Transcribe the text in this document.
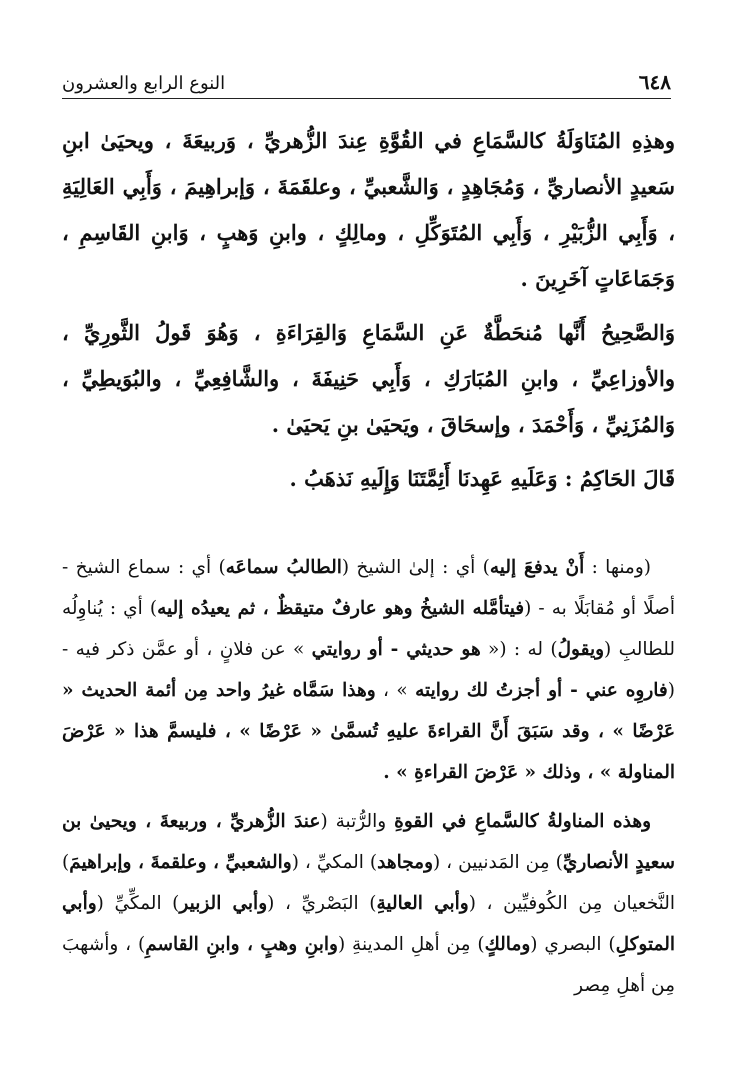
٦٤٨
النوع الرابع والعشرون

وهذِهِ المُنَاوَلَةُ كالسَّمَاعِ في القُوَّةِ عِندَ الزُّهريِّ ، وَربيعَةَ ، ويحيَىٰ ابنِ سَعيدٍ الأنصاريِّ ، وَمُجَاهِدٍ ، وَالشَّعبيِّ ، وعلقَمَةَ ، وَإبراهِيمَ ، وَأَبِي العَالِيَةِ ، وَأَبِي الزُّبَيْرِ ، وَأَبِي المُتَوَكِّلِ ، ومالِكٍ ، وابنِ وَهبٍ ، وَابنِ القَاسِمِ ، وَجَمَاعَاتٍ آخَرِينَ .

وَالصَّحِيحُ أَنَّها مُنحَطَّةٌ عَنِ السَّمَاعِ وَالقِرَاءَةِ ، وَهُوَ قَولُ الثَّورِيِّ ، والأوزاعِيِّ ، وابنِ المُبَارَكِ ، وَأَبِي حَنِيفَةَ ، والشَّافِعِيِّ ، والبُوَيطِيِّ ، وَالمُزَنِيِّ ، وَأَحْمَدَ ، وإسحَاقَ ، ويَحيَىٰ بنِ يَحيَىٰ .

قَالَ الحَاكِمُ : وَعَلَيهِ عَهِدنَا أَئِمَّتَنَا وَإِلَيهِ نَذهَبُ .

(ومنها : أَنْ يدفعَ إليه) أي : إلىٰ الشيخ (الطالبُ سماعَه) أي : سماع الشيخ - أصلًا أو مُقابَلًا به - (فيتأمَّله الشيخُ وهو عارفٌ متيقظٌ ، ثم يعيدُه إليه) أي : يُناوِلُه للطالبِ (ويقولُ) له : (« هو حديثي - أو روايتي » عن فلانٍ ، أو عمَّن ذكر فيه - (فاروِه عني - أو أجزتُ لك روايته » ، وهذا سَمَّاه غيرُ واحد مِن أئمة الحديث « عَرْضًا » ، وقد سَبَقَ أَنَّ القراءةَ عليهِ تُسمَّىٰ « عَرْضًا » ، فليسمَّ هذا « عَرْضَ المناولة » ، وذلك « عَرْضَ القراءةِ » .

وهذه المناولةُ كالسَّماعِ في القوةِ والرُّتبة (عندَ الزُّهريِّ ، وربيعةَ ، ويحيىٰ بن سعيدٍ الأنصاريِّ) مِن المَدنيين ، (ومجاهد) المكيِّ ، (والشعبيِّ ، وعلقمةَ ، وإبراهيمَ) النَّخعيان مِن الكُوفيِّين ، (وأبي العاليةِ) البَصْريِّ ، (وأبي الزبير) المكِّيِّ (وأبي المتوكلِ) البصري (ومالكٍ) مِن أهلِ المدينةِ (وابنِ وهبٍ ، وابنِ القاسمِ) ، وأشهبَ مِن أهلِ مِصر
